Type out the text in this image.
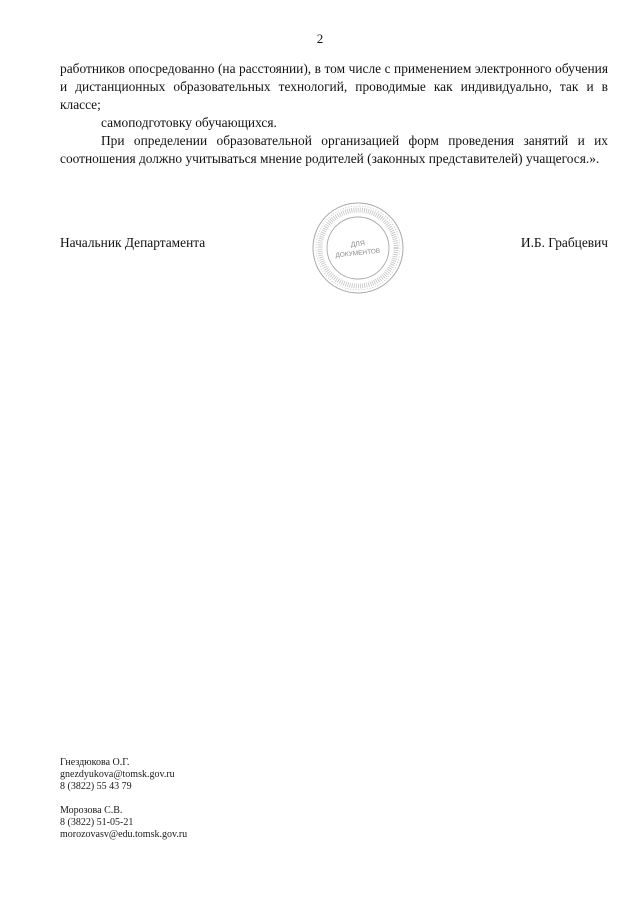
2

работников опосредованно (на расстоянии), в том числе с применением электронного обучения и дистанционных образовательных технологий, проводимые как индивидуально, так и в классе;

самоподготовку обучающихся.

При определении образовательной организацией форм проведения занятий и их соотношения должно учитываться мнение родителей (законных представителей) учащегося.».

Начальник Департамента	И.Б. Грабцевич
ДЛЯ
ДОКУМЕНТОВ
Гнездюкова О.Г.
gnezdyukova@tomsk.gov.ru
8 (3822) 55 43 79
Морозова С.В.
8 (3822) 51-05-21
morozovasv@edu.tomsk.gov.ru
